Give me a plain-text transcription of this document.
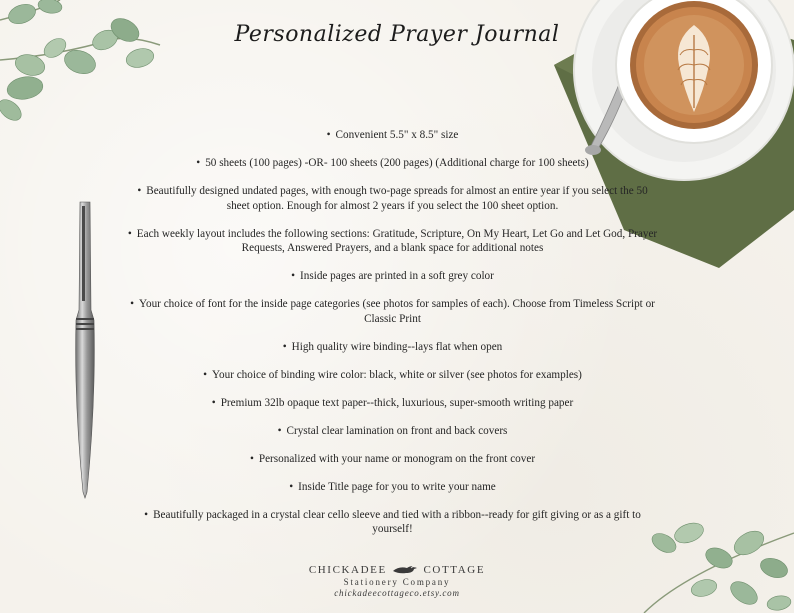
Personalized Prayer Journal
• Convenient 5.5" x 8.5" size
• 50 sheets (100 pages) -OR- 100 sheets (200 pages) (Additional charge for 100 sheets)
• Beautifully designed undated pages, with enough two-page spreads for almost an entire year if you select the 50 sheet option. Enough for almost 2 years if you select the 100 sheet option.
• Each weekly layout includes the following sections: Gratitude, Scripture, On My Heart, Let Go and Let God, Prayer Requests, Answered Prayers, and a blank space for additional notes
• Inside pages are printed in a soft grey color
• Your choice of font for the inside page categories (see photos for samples of each). Choose from Timeless Script or Classic Print
• High quality wire binding--lays flat when open
• Your choice of binding wire color: black, white or silver (see photos for examples)
• Premium 32lb opaque text paper--thick, luxurious, super-smooth writing paper
• Crystal clear lamination on front and back covers
• Personalized with your name or monogram on the front cover
• Inside Title page for you to write your name
• Beautifully packaged in a crystal clear cello sleeve and tied with a ribbon--ready for gift giving or as a gift to yourself!
CHICKADEE	COTTAGE
Stationery Company
chickadeecottageco.etsy.com
